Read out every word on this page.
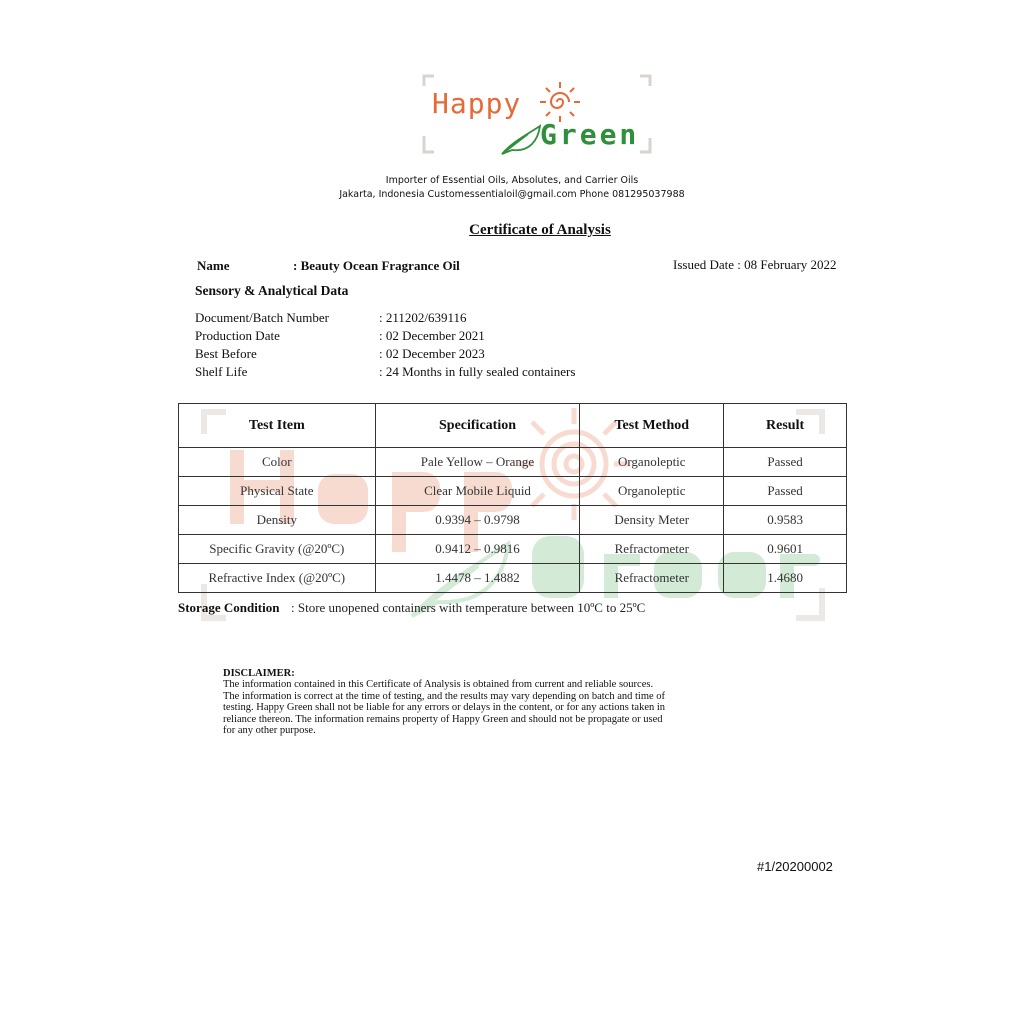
Happy
Green
Importer of Essential Oils, Absolutes, and Carrier Oils
Jakarta, Indonesia Customessentialoil@gmail.com Phone 081295037988
Certificate of Analysis
Name	: Beauty Ocean Fragrance Oil	Issued Date : 08 February 2022
Sensory & Analytical Data
Document/Batch Number	: 211202/639116
Production Date	: 02 December 2021
Best Before	: 02 December 2023
Shelf Life	: 24 Months in fully sealed containers
Test Item	Specification	Test Method	Result
Color	Pale Yellow – Orange	Organoleptic	Passed
Physical State	Clear Mobile Liquid	Organoleptic	Passed
Density	0.9394 – 0.9798	Density Meter	0.9583
Specific Gravity (@20ºC)	0.9412 – 0.9816	Refractometer	0.9601
Refractive Index (@20ºC)	1.4478 – 1.4882	Refractometer	1.4680
Storage Condition : Store unopened containers with temperature between 10ºC to 25ºC
DISCLAIMER:
The information contained in this Certificate of Analysis is obtained from current and reliable sources.
The information is correct at the time of testing, and the results may vary depending on batch and time of
testing. Happy Green shall not be liable for any errors or delays in the content, or for any actions taken in
reliance thereon. The information remains property of Happy Green and should not be propagate or used
for any other purpose.
#1/20200002
